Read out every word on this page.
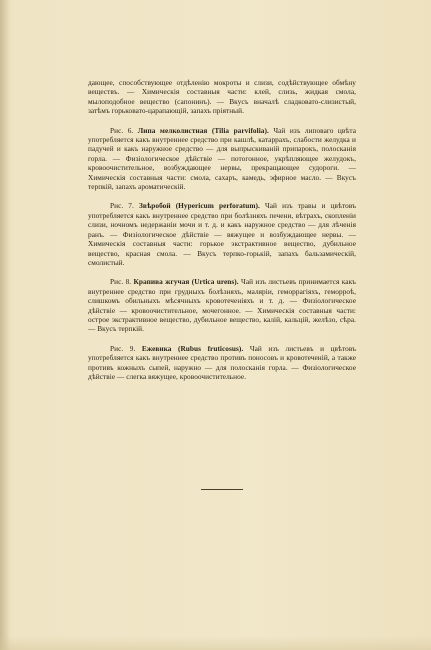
дающее, способствующее отдѣленію мокроты и слизи, содѣйствующее обмѣну веществъ. — Химическія составныя части: клей, слизь, жидкая смола, мылоподобное вещество (сапонинъ). — Вкусъ вначалѣ сладковато-слизистый, затѣмъ горьковато-царапающій, запахъ пріятный.

Рис. 6. Липа мелколистная (Tilia parvifolia). Чай изъ липоваго цвѣта употребляется какъ внутреннее средство при кашлѣ, катаррахъ, слабости желудка и падучей и какъ наружное средство — для выпрыскиваній припарокъ, полосканія горла. — Физіологическое дѣйствіе — потогонное, укрѣпляющее желудокъ, кровоочистительное, возбуждающее нервы, прекращающее судороги. — Химическія составныя части: смола, сахаръ, камедь, эфирное масло. — Вкусъ терпкій, запахъ ароматическій.

Рис. 7. Звѣробой (Hypericum perforatum). Чай изъ травы и цвѣтовъ употребляется какъ внутреннее средство при болѣзняхъ печени, вѣтрахъ, скопленіи слизи, ночномъ недержаніи мочи и т. д. и какъ наружное средство — для лѣченія ранъ. — Физіологическое дѣйствіе — вяжущее и возбуждающее нервы. — Химическія составныя части: горькое экстрактивное вещество, дубильное вещество, красная смола. — Вкусъ терпко-горькій, запахъ бальзамическій, смолистый.

Рис. 8. Крапива жгучая (Urtica urens). Чай изъ листьевъ принимается какъ внутреннее средство при грудныхъ болѣзняхъ, маляріи, геморрагіяхъ, геморроѣ, слишкомъ обильныхъ мѣсячныхъ кровотеченіяхъ и т. д. — Физіологическое дѣйствіе — кровоочистительное, мочегонное. — Химическія составныя части: острое экстрактивное вещество, дубильное вещество, калій, кальцій, желѣзо, сѣра. — Вкусъ терпкій.

Рис. 9. Ежевика (Rubus fruticosus). Чай изъ листьевъ и цвѣтовъ употребляется какъ внутреннее средство противъ поносовъ и кровотеченій, а также противъ кожныхъ сыпей, наружно — для полосканія горла. — Физіологическое дѣйствіе — слегка вяжущее, кровоочистительное.
